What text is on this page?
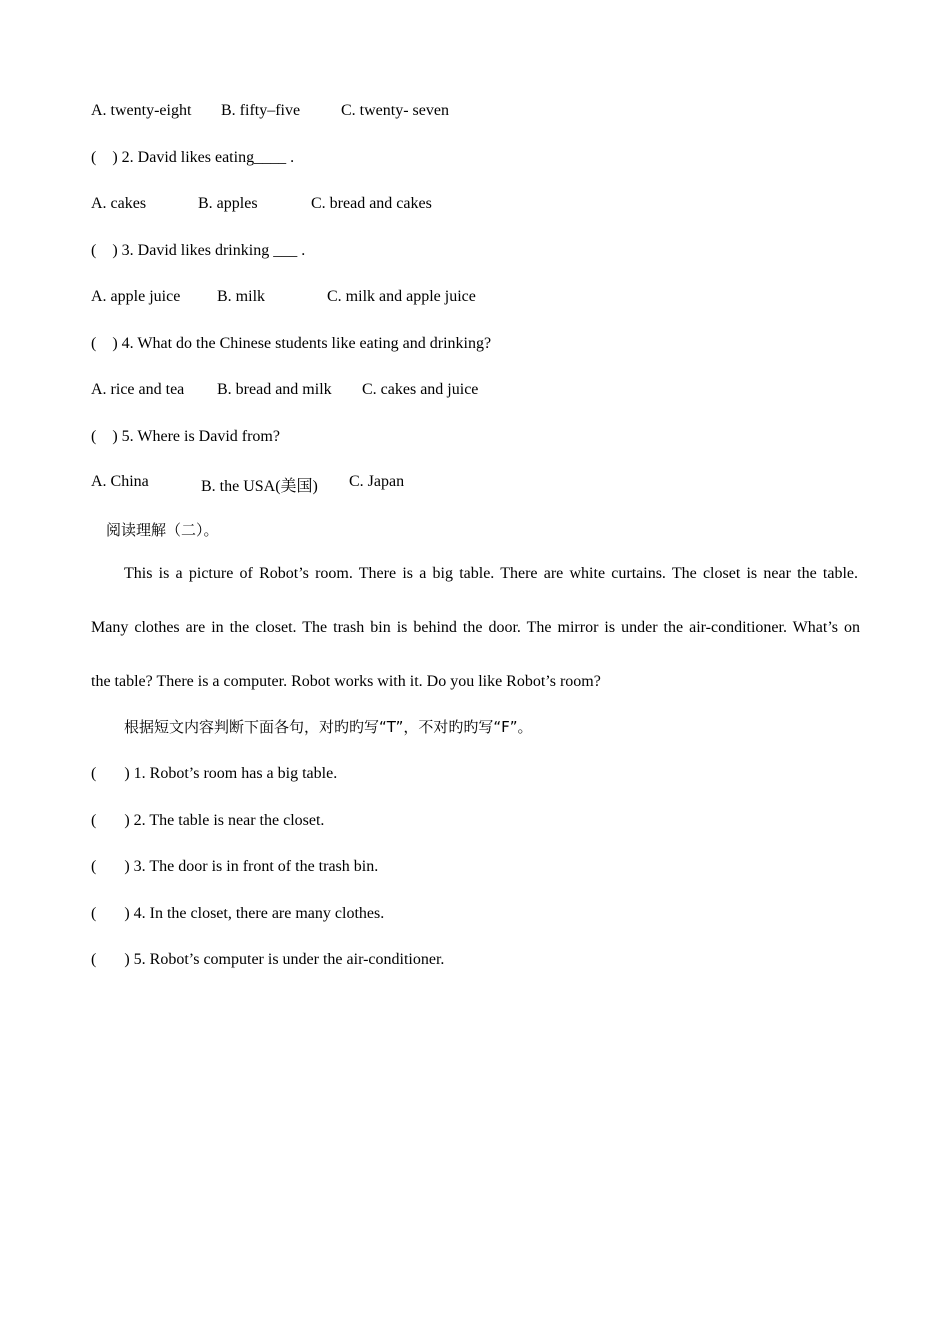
A. twenty-eight B. fifty–five	C. twenty- seven
(    ) 2. David likes eating____ .
A. cakes	B. apples	C. bread and cakes
(    ) 3. David likes drinking ___ .
A. apple juice B. milk	C. milk and apple juice
(    ) 4. What do the Chinese students like eating and drinking?
A. rice and tea B. bread and milk C. cakes and juice
(    ) 5. Where is David from?
A. China	B. the USA(美国) C. Japan
阅读理解（二）。
This is a picture of Robot’s room. There is a big table. There are white curtains. The closet is near the table.
Many clothes are in the closet. The trash bin is behind the door. The mirror is under the air-conditioner. What’s on
the table? There is a computer. Robot works with it. Do you like Robot’s room?
根据短文内容判断下面各句，对旳旳写“T”，不对旳旳写“F”。
(       ) 1. Robot’s room has a big table.
(       ) 2. The table is near the closet.
(       ) 3. The door is in front of the trash bin.
(       ) 4. In the closet, there are many clothes.
(       ) 5. Robot’s computer is under the air-conditioner.
